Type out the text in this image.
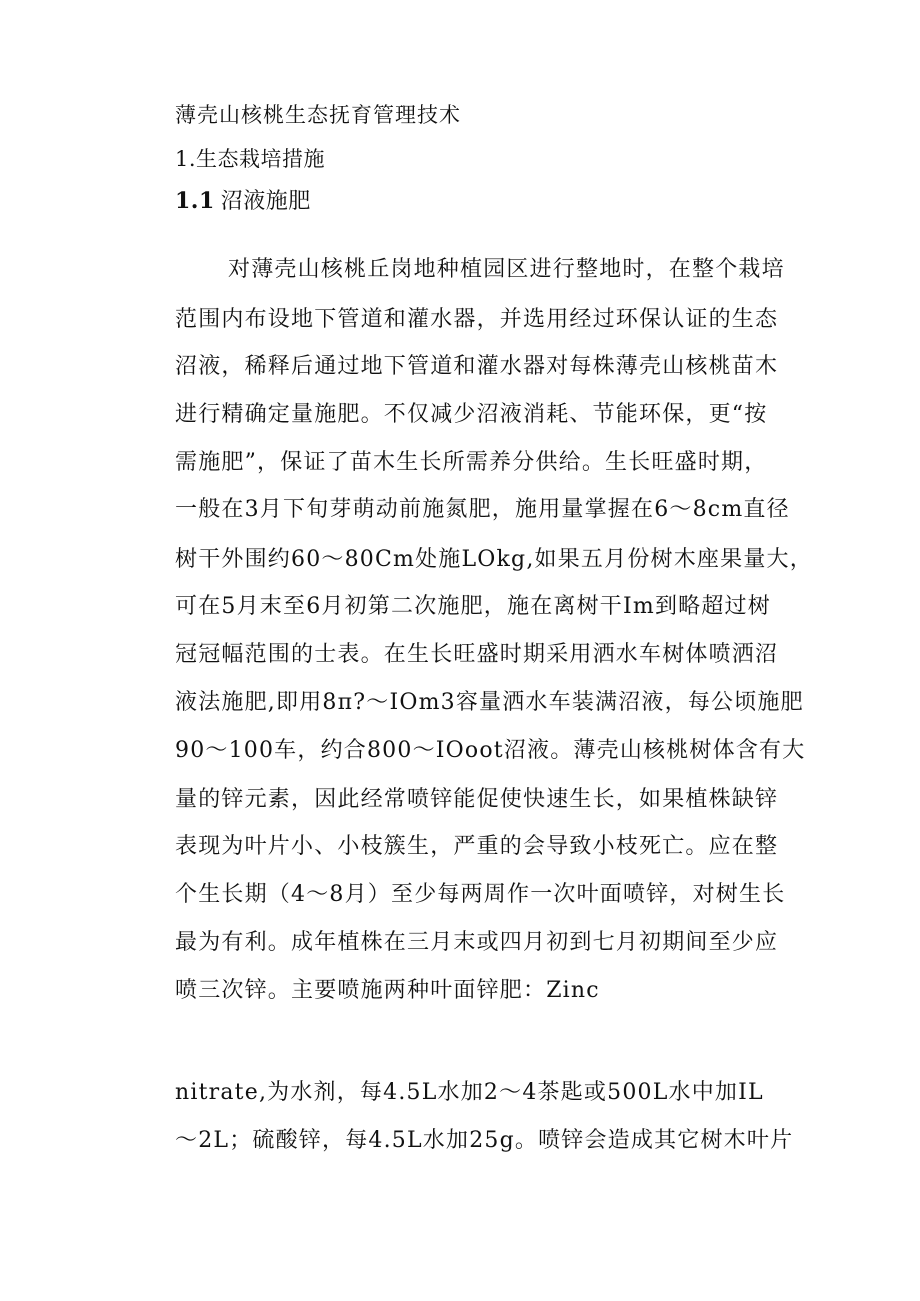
薄壳山核桃生态抚育管理技术
1.生态栽培措施
1.1 沼液施肥
对薄壳山核桃丘岗地种植园区进行整地时，在整个栽培
范围内布设地下管道和灌水器，并选用经过环保认证的生态
沼液，稀释后通过地下管道和灌水器对每株薄壳山核桃苗木
进行精确定量施肥。不仅减少沼液消耗、节能环保，更“按
需施肥”，保证了苗木生长所需养分供给。生长旺盛时期，
一般在3月下旬芽萌动前施氮肥，施用量掌握在6～8cm直径
树干外围约60～80Cm处施LOkg,如果五月份树木座果量大，
可在5月末至6月初第二次施肥，施在离树干Im到略超过树
冠冠幅范围的士表。在生长旺盛时期采用洒水车树体喷洒沼
液法施肥,即用8π?～IOm3容量洒水车装满沼液，每公顷施肥
90～100车，约合800～IOoot沼液。薄壳山核桃树体含有大
量的锌元素，因此经常喷锌能促使快速生长，如果植株缺锌
表现为叶片小、小枝簇生，严重的会导致小枝死亡。应在整
个生长期（4～8月）至少每两周作一次叶面喷锌，对树生长
最为有利。成年植株在三月末或四月初到七月初期间至少应
喷三次锌。主要喷施两种叶面锌肥：Zinc
nitrate,为水剂，每4.5L水加2～4茶匙或500L水中加IL
～2L；硫酸锌，每4.5L水加25g。喷锌会造成其它树木叶片
